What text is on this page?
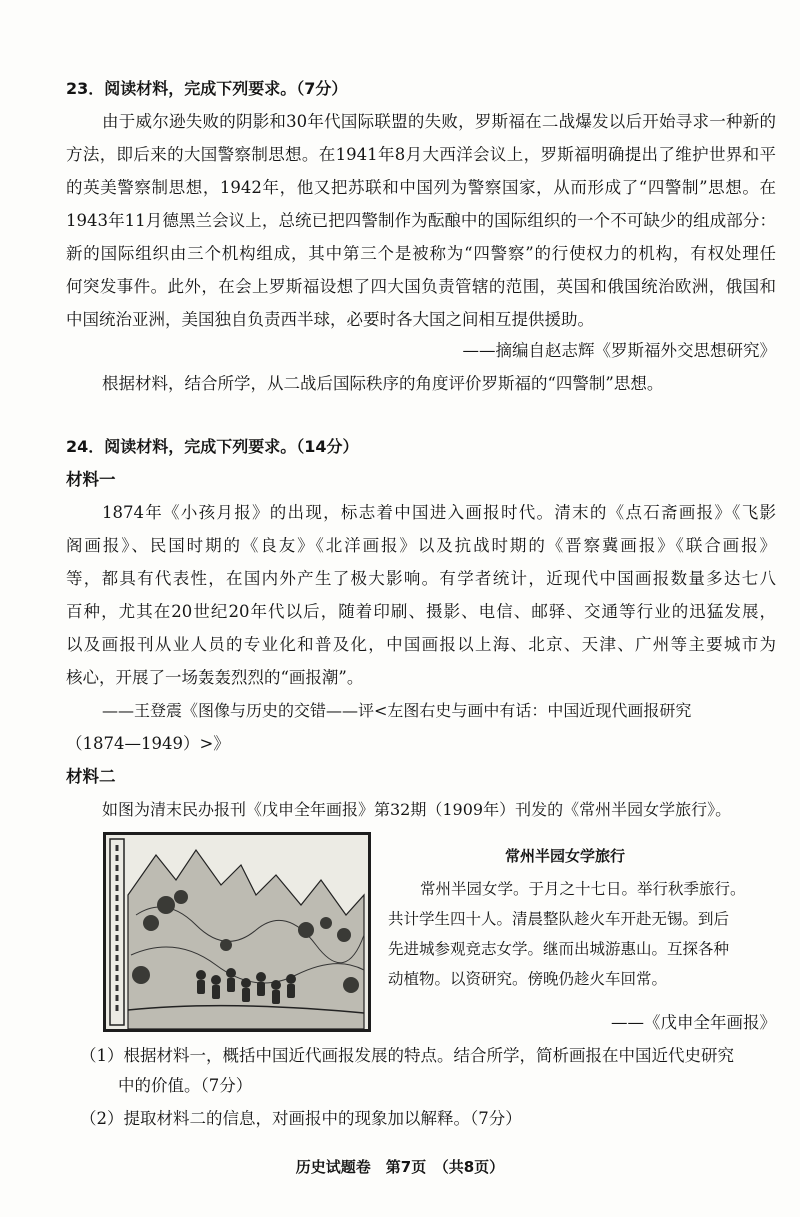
23．阅读材料，完成下列要求。（7分）
由于威尔逊失败的阴影和30年代国际联盟的失败，罗斯福在二战爆发以后开始寻求一种新的
方法，即后来的大国警察制思想。在1941年8月大西洋会议上，罗斯福明确提出了维护世界和平
的英美警察制思想，1942年，他又把苏联和中国列为警察国家，从而形成了“四警制”思想。在
1943年11月德黑兰会议上，总统已把四警制作为酝酿中的国际组织的一个不可缺少的组成部分：
新的国际组织由三个机构组成，其中第三个是被称为“四警察”的行使权力的机构，有权处理任
何突发事件。此外，在会上罗斯福设想了四大国负责管辖的范围，英国和俄国统治欧洲，俄国和
中国统治亚洲，美国独自负责西半球，必要时各大国之间相互提供援助。
——摘编自赵志辉《罗斯福外交思想研究》
根据材料，结合所学，从二战后国际秩序的角度评价罗斯福的“四警制”思想。
24．阅读材料，完成下列要求。（14分）
材料一
1874年《小孩月报》的出现，标志着中国进入画报时代。清末的《点石斋画报》《飞影
阁画报》、民国时期的《良友》《北洋画报》以及抗战时期的《晋察冀画报》《联合画报》
等，都具有代表性，在国内外产生了极大影响。有学者统计，近现代中国画报数量多达七八
百种，尤其在20世纪20年代以后，随着印刷、摄影、电信、邮驿、交通等行业的迅猛发展，
以及画报刊从业人员的专业化和普及化，中国画报以上海、北京、天津、广州等主要城市为
核心，开展了一场轰轰烈烈的“画报潮”。
——王登震《图像与历史的交错——评<左图右史与画中有话：中国近现代画报研究
（1874—1949）>》
材料二
如图为清末民办报刊《戊申全年画报》第32期（1909年）刊发的《常州半园女学旅行》。
常州半园女学旅行
常州半园女学。于月之十七日。举行秋季旅行。
共计学生四十人。清晨整队趁火车开赴无锡。到后
先进城参观竞志女学。继而出城游惠山。互探各种
动植物。以资研究。傍晚仍趁火车回常。
——《戊申全年画报》
（1）根据材料一，概括中国近代画报发展的特点。结合所学，简析画报在中国近代史研究
中的价值。（7分）
（2）提取材料二的信息，对画报中的现象加以解释。（7分）
历史试题卷　第7页　（共8页）
